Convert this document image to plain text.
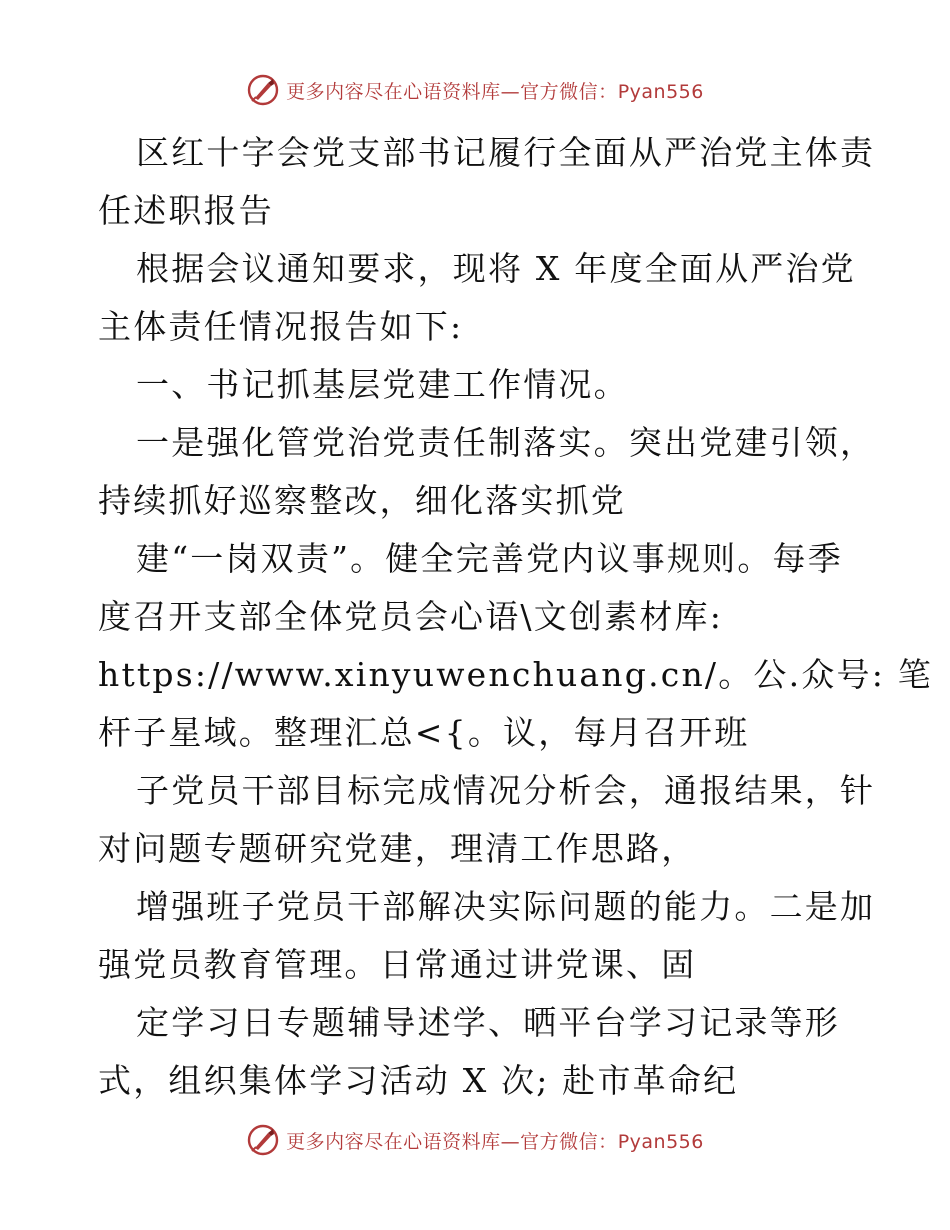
更多内容尽在心语资料库—官方微信：Pyan556
区红十字会党支部书记履行全面从严治党主体责
任述职报告
根据会议通知要求，现将 X 年度全面从严治党
主体责任情况报告如下:
一、书记抓基层党建工作情况。
一是强化管党治党责任制落实。突出党建引领，
持续抓好巡察整改，细化落实抓党
建“一岗双责”。健全完善党内议事规则。每季
度召开支部全体党员会心语\文创素材库:
https://www.xinyuwenchuang.cn/。公.众号: 笔
杆子星域。整理汇总<{。议，每月召开班
子党员干部目标完成情况分析会，通报结果，针
对问题专题研究党建，理清工作思路，
增强班子党员干部解决实际问题的能力。二是加
强党员教育管理。日常通过讲党课、固
定学习日专题辅导述学、晒平台学习记录等形
式，组织集体学习活动 X 次; 赴市革命纪
更多内容尽在心语资料库—官方微信：Pyan556
